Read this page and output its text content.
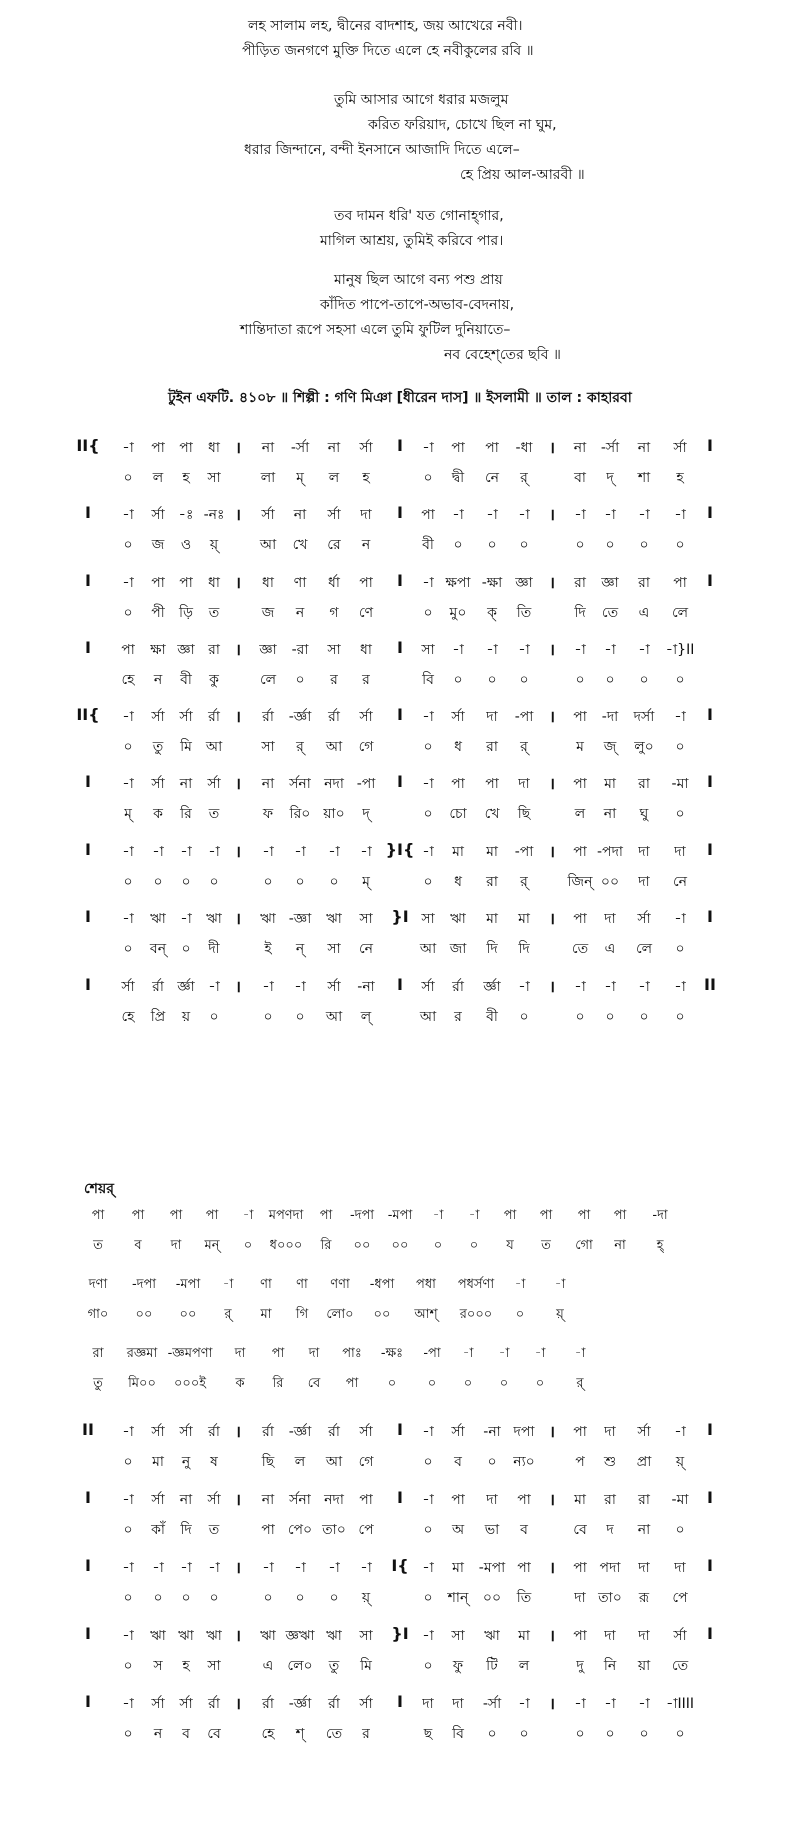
লহ সালাম লহ, দ্বীনের বাদশাহ, জয় আখেরে নবী।
পীড়িত জনগণে মুক্তি দিতে এলে হে নবীকুলের রবি ॥
তুমি আসার আগে ধরার মজলুম
করিত ফরিয়াদ, চোখে ছিল না ঘুম,
ধরার জিন্দানে, বন্দী ইনসানে আজাদি দিতে এলে–
হে প্রিয় আল-আরবী ॥
তব দামন ধরি' যত গোনাহ্গার,
মাগিল আশ্রয়, তুমিই করিবে পার।
মানুষ ছিল আগে বন্য পশু প্রায়
কাঁদিত পাপে-তাপে-অভাব-বেদনায়,
শান্তিদাতা রূপে সহসা এলে তুমি ফুটিল দুনিয়াতে–
নব বেহেশ্‌তের ছবি ॥
টুইন এফটি. ৪১০৮ ॥ শিল্পী : গণি মিঞা [ধীরেন দাস] ॥ ইসলামী ॥ তাল : কাহারবা
II{ -া পা পা ধা । না -র্সা না র্সা I -া পা পা -ধা । না -র্সা না র্সা I
০ ল হ সা	লা ম্ ল হ	০ দ্বী নে র্	বা দ্ শা হ
I -া র্সা -ঃ -নঃ । র্সা না র্সা দা I পা -া -া -া । -া -া -া -া I
০ জ ও য়্	আ খে রে ন	বী ০ ০ ০	০ ০ ০ ০
I -া পা পা ধা । ধা ণা র্ধা পা I -া ক্ষপা -ক্ষা জ্ঞা । রা জ্ঞা রা পা I
০ পী ড়ি ত	জ ন গ ণে	০ মু০ ক্ তি	দি তে এ লে
I পা ক্ষা জ্ঞা রা । জ্ঞা -রা সা ধা I সা -া -া -া । -া -া -া -া}II
হে ন বী কু	লে ০ র র	বি ০ ০ ০	০ ০ ০ ০
II{ -া র্সা র্সা র্রা । র্রা -র্জ্ঞা র্রা র্সা I -া র্সা দা -পা । পা -দা দর্সা -া I
০ তু মি আ	সা র্ আ গে	০ ধ রা র্	ম জ্ লু০ ০
I -া র্সা না র্সা । না র্সনা নদা -পা I -া পা পা দা । পা মা রা -মা I
ম্ ক রি ত	ফ রি০ য়া০ দ্	০ চো খে ছি	ল না ঘু ০
I -া -া -া -া । -া -া -া -া }I{ -া মা মা -পা । পা -পদা দা দা I
০ ০ ০ ০	০ ০ ০ ম্	০ ধ রা র্	জিন্ ০০ দা নে
I -া ঋা -া ঋা । ঋা -জ্ঞা ঋা সা }I সা ঋা মা মা । পা দা র্সা -া I
০ বন্ ০ দী	ই ন্ সা নে	আ জা দি দি	তে এ লে ০
I র্সা র্রা র্জ্ঞা -া । -া -া র্সা -না I র্সা র্রা র্জ্ঞা -া । -া -া -া -া II
হে প্রি য় ০	০ ০ আ ল্	আ র বী ০	০ ০ ০ ০
শেয়র্
পা পা পা পা -া মপণদা পা -দপা -মপা -া -া পা পা পা পা -দা
ত ব দা মন্ ০ ধ০০০ রি ০০ ০০ ০ ০ য ত গো না হ্
দণা -দপা -মপা -া ণা ণা ণণা -ধপা পধা পধর্সণা -া -া
গা০ ০০ ০০ র্ মা গি লো০ ০০ আশ্ র০০০ ০ য়্
রা রজ্ঞমা -জ্ঞমপণা দা পা দা পাঃ -ক্ষঃ -পা -া -া -া -া
তু মি০০ ০০০ই ক রি বে পা ০ ০ ০ ০ ০ র্
II -া র্সা র্সা র্রা । র্রা -র্জ্ঞা র্রা র্সা I -া র্সা -না দপা । পা দা র্সা -া I
০ মা নু ষ	ছি ল আ গে	০ ব ০ ন্য০	প শু প্রা য়্
I -া র্সা না র্সা । না র্সনা নদা পা I -া পা দা পা । মা রা রা -মা I
০ কাঁ দি ত	পা পে০ তা০ পে	০ অ ভা ব	বে দ না ০
I -া -া -া -া । -া -া -া -া I{ -া মা -মপা পা । পা পদা দা দা I
০ ০ ০ ০	০ ০ ০ য়্	০ শান্ ০০ তি	দা তা০ রূ পে
I -া ঋা ঋা ঋা । ঋা জ্ঞঋা ঋা সা }I -া সা ঋা মা । পা দা দা র্সা I
০ স হ সা	এ লে০ তু মি	০ ফু টি ল	দু নি য়া তে
I -া র্সা র্সা র্রা । র্রা -র্জ্ঞা র্রা র্সা I দা দা -র্সা -া । -া -া -া -াIIII
০ ন ব বে	হে শ্ তে র	ছ বি ০ ০	০ ০ ০ ০
